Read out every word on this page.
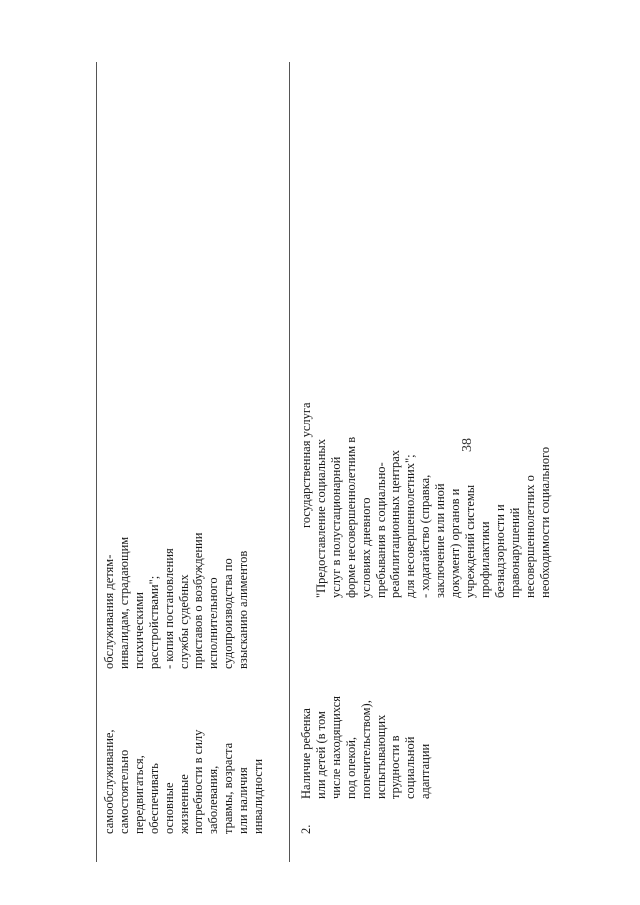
38
самообслуживание, самостоятельно передвигаться, обеспечивать основные жизненные потребности в силу заболевания, травмы, возраста или наличия инвалидности
обслуживания детям- инвалидам, страдающим психическими расстройствами"; - копия постановления службы судебных приставов о возбуждении исполнительного судопроизводства по взысканию алиментов
2.
Наличие ребенка или детей (в том числе находящихся под опекой, попечительством), испытывающих трудности в социальной адаптации
государственная услуга "Предоставление социальных услуг в полустационарной форме несовершеннолетним в условиях дневного пребывания в социально- реабилитационных центрах для несовершеннолетних"; - ходатайство (справка, заключение или иной документ) органов и учреждений системы профилактики безнадзорности и правонарушений несовершеннолетних о необходимости социального
